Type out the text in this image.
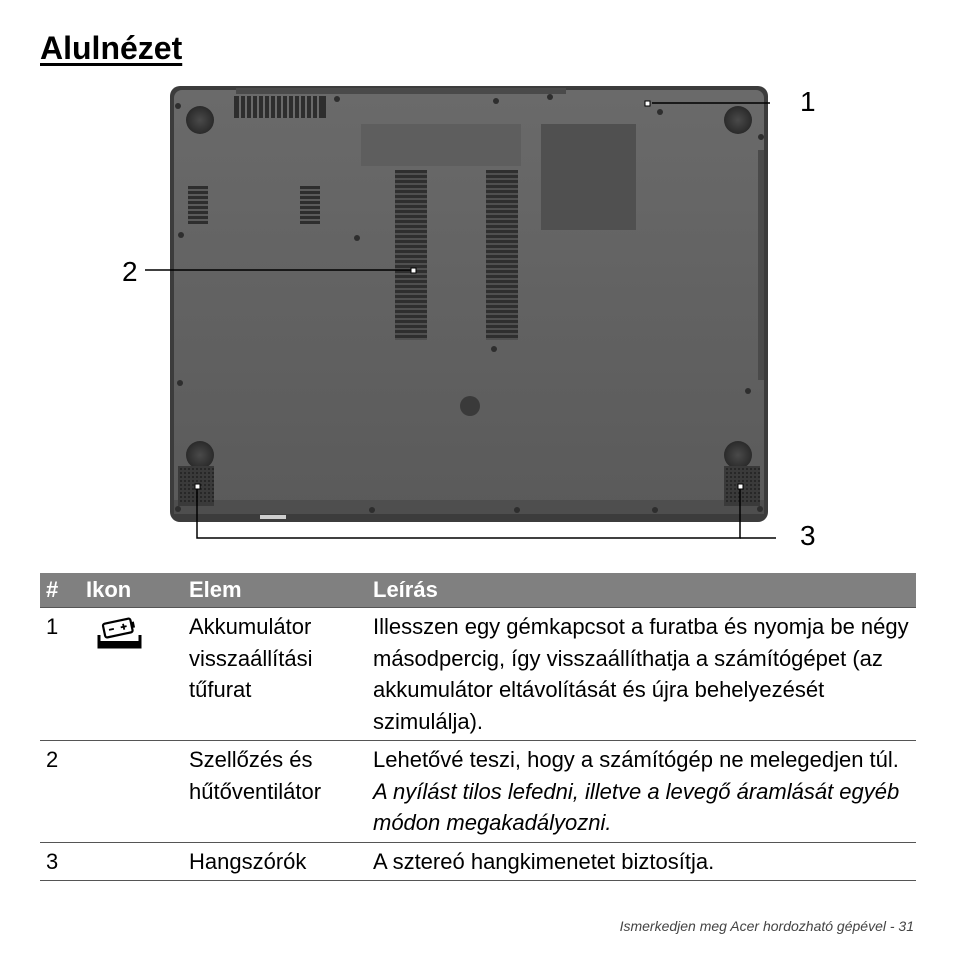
Alulnézet
1
2
3
#	Ikon	Elem	Leírás
1		Akkumulátor visszaállítási tűfurat	Illesszen egy gémkapcsot a furatba és nyomja be négy másodpercig, így visszaállíthatja a számítógépet (az akkumulátor eltávolítását és újra behelyezését szimulálja).

2		Szellőzés és hűtőventilátor	Lehetővé teszi, hogy a számítógép ne melegedjen túl.
A nyílást tilos lefedni, illetve a levegő áramlását egyéb módon megakadályozni.

3		Hangszórók	A sztereó hangkimenetet biztosítja.
Ismerkedjen meg Acer hordozható gépével - 31
